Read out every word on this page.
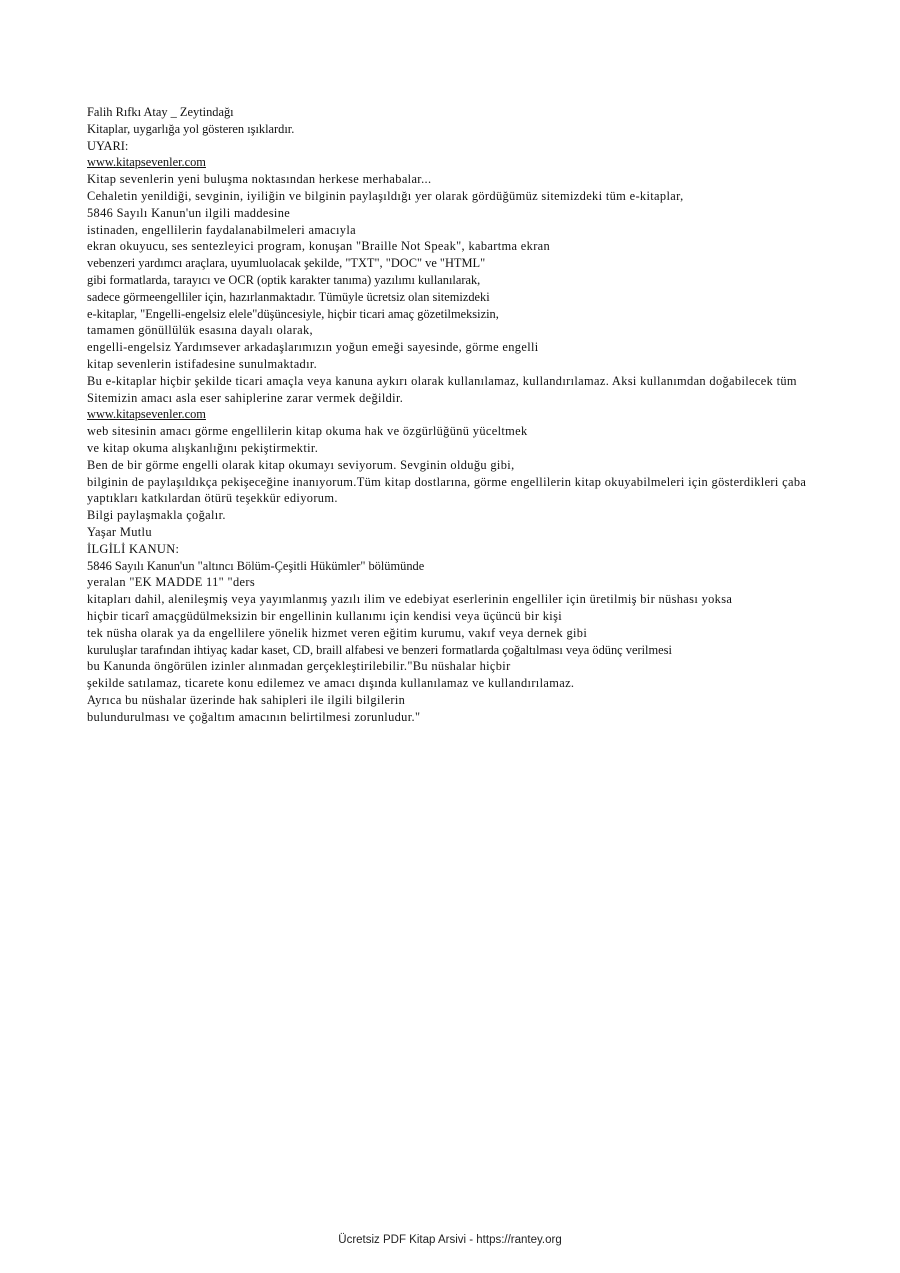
Falih Rıfkı Atay _ Zeytindağı
Kitaplar, uygarlığa yol gösteren ışıklardır.
UYARI:
www.kitapsevenler.com
Kitap sevenlerin yeni buluşma noktasından herkese merhabalar...
Cehaletin yenildiği, sevginin, iyiliğin ve bilginin paylaşıldığı yer olarak gördüğümüz sitemizdeki tüm e-kitaplar,
5846 Sayılı Kanun'un ilgili maddesine
istinaden, engellilerin faydalanabilmeleri amacıyla
ekran okuyucu, ses sentezleyici program, konuşan "Braille Not Speak", kabartma ekran
vebenzeri yardımcı araçlara, uyumluolacak şekilde, "TXT", "DOC" ve "HTML"
gibi formatlarda, tarayıcı ve OCR (optik karakter tanıma) yazılımı kullanılarak,
sadece görmeengelliler için, hazırlanmaktadır. Tümüyle ücretsiz olan sitemizdeki
e-kitaplar, "Engelli-engelsiz elele"düşüncesiyle, hiçbir ticari amaç gözetilmeksizin,
tamamen gönüllülük esasına dayalı olarak,
engelli-engelsiz Yardımsever arkadaşlarımızın yoğun emeği sayesinde, görme engelli
kitap sevenlerin istifadesine sunulmaktadır.
Bu e-kitaplar hiçbir şekilde ticari amaçla veya kanuna aykırı olarak kullanılamaz, kullandırılamaz. Aksi kullanımdan doğabilecek tüm
Sitemizin amacı asla eser sahiplerine zarar vermek değildir.
www.kitapsevenler.com
web sitesinin amacı görme engellilerin kitap okuma hak ve özgürlüğünü yüceltmek
ve kitap okuma alışkanlığını pekiştirmektir.
Ben de bir görme engelli olarak kitap okumayı seviyorum. Sevginin olduğu gibi,
bilginin de paylaşıldıkça pekişeceğine inanıyorum.Tüm kitap dostlarına, görme engellilerin kitap okuyabilmeleri için gösterdikleri çaba
yaptıkları katkılardan ötürü teşekkür ediyorum.
Bilgi paylaşmakla çoğalır.
Yaşar Mutlu
İLGİLİ KANUN:
5846 Sayılı Kanun'un "altıncı Bölüm-Çeşitli Hükümler" bölümünde
yeralan "EK MADDE 11" "ders
kitapları dahil, alenileşmiş veya yayımlanmış yazılı ilim ve edebiyat eserlerinin engelliler için üretilmiş bir nüshası yoksa
hiçbir ticarî amaçgüdülmeksizin bir engellinin kullanımı için kendisi veya üçüncü bir kişi
tek nüsha olarak ya da engellilere yönelik hizmet veren eğitim kurumu, vakıf veya dernek gibi
kuruluşlar tarafından ihtiyaç kadar kaset, CD, braill alfabesi ve benzeri formatlarda çoğaltılması veya ödünç verilmesi
bu Kanunda öngörülen izinler alınmadan gerçekleştirilebilir."Bu nüshalar hiçbir
şekilde satılamaz, ticarete konu edilemez ve amacı dışında kullanılamaz ve kullandırılamaz.
Ayrıca bu nüshalar üzerinde hak sahipleri ile ilgili bilgilerin
bulundurulması ve çoğaltım amacının belirtilmesi zorunludur."
Ücretsiz PDF Kitap Arsivi - https://rantey.org
